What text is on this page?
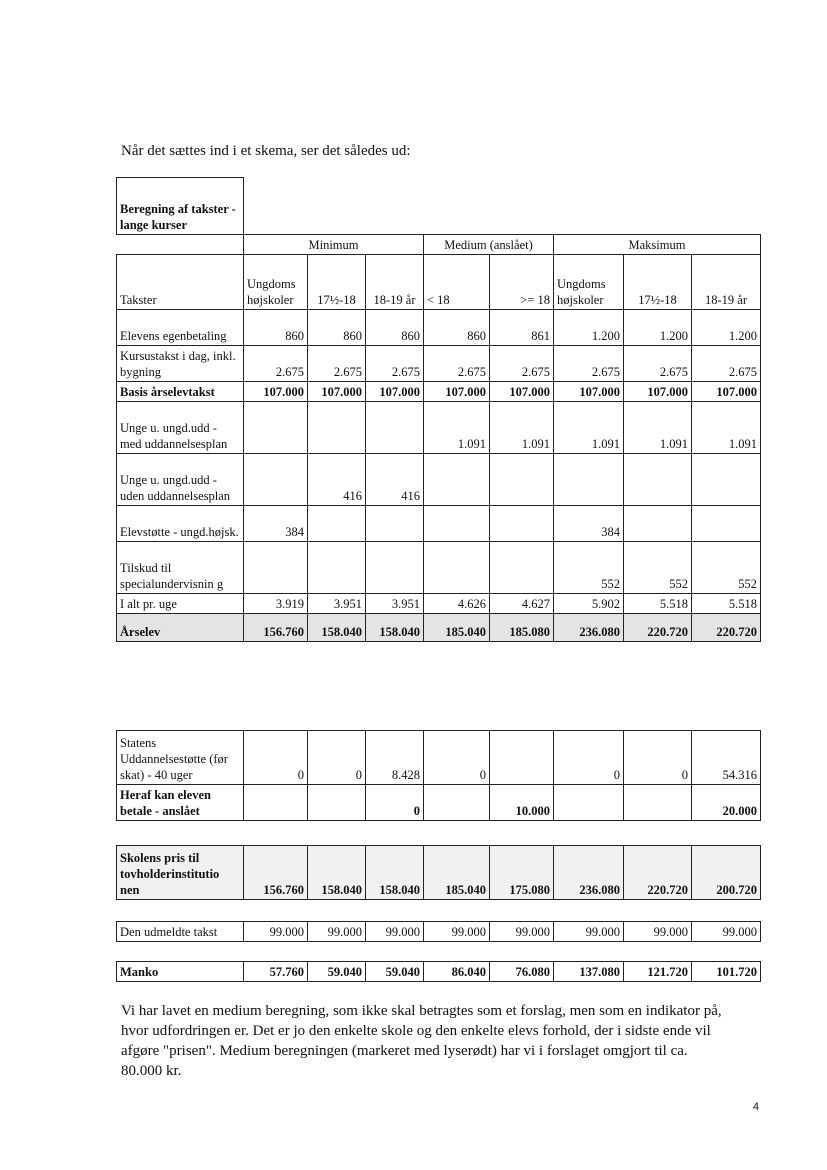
Når det sættes ind i et skema, ser det således ud:
Beregning af takster - lange kurser								
	Minimum			Medium (anslået)		Maksimum		
Takster	Ungdoms højskoler	17½-18	18-19 år	< 18	>= 18	Ungdoms højskoler	17½-18	18-19 år
Elevens egenbetaling	860	860	860	860	861	1.200	1.200	1.200
Kursustakst i dag, inkl. bygning	2.675	2.675	2.675	2.675	2.675	2.675	2.675	2.675
Basis årselevtakst	107.000	107.000	107.000	107.000	107.000	107.000	107.000	107.000
Unge u. ungd.udd - med uddannelsesplan				1.091	1.091	1.091	1.091	1.091
Unge u. ungd.udd - uden uddannelsesplan		416	416					
Elevstøtte - ungd.højsk.	384					384		
Tilskud til specialundervisnin g						552	552	552
I alt pr. uge	3.919	3.951	3.951	4.626	4.627	5.902	5.518	5.518
Årselev	156.760	158.040	158.040	185.040	185.080	236.080	220.720	220.720
Statens Uddannelsestøtte (før skat) - 40 uger	0	0	8.428	0		0	0	54.316
Heraf kan eleven betale - anslået			0		10.000			20.000
Skolens pris til tovholderinstitutio nen	156.760	158.040	158.040	185.040	175.080	236.080	220.720	200.720
Den udmeldte takst	99.000	99.000	99.000	99.000	99.000	99.000	99.000	99.000
Manko	57.760	59.040	59.040	86.040	76.080	137.080	121.720	101.720
Vi har lavet en medium beregning, som ikke skal betragtes som et forslag, men som en indikator på, hvor udfordringen er. Det er jo den enkelte skole og den enkelte elevs forhold, der i sidste ende vil afgøre "prisen". Medium beregningen (markeret med lyserødt) har vi i forslaget omgjort til ca. 80.000 kr.
4
